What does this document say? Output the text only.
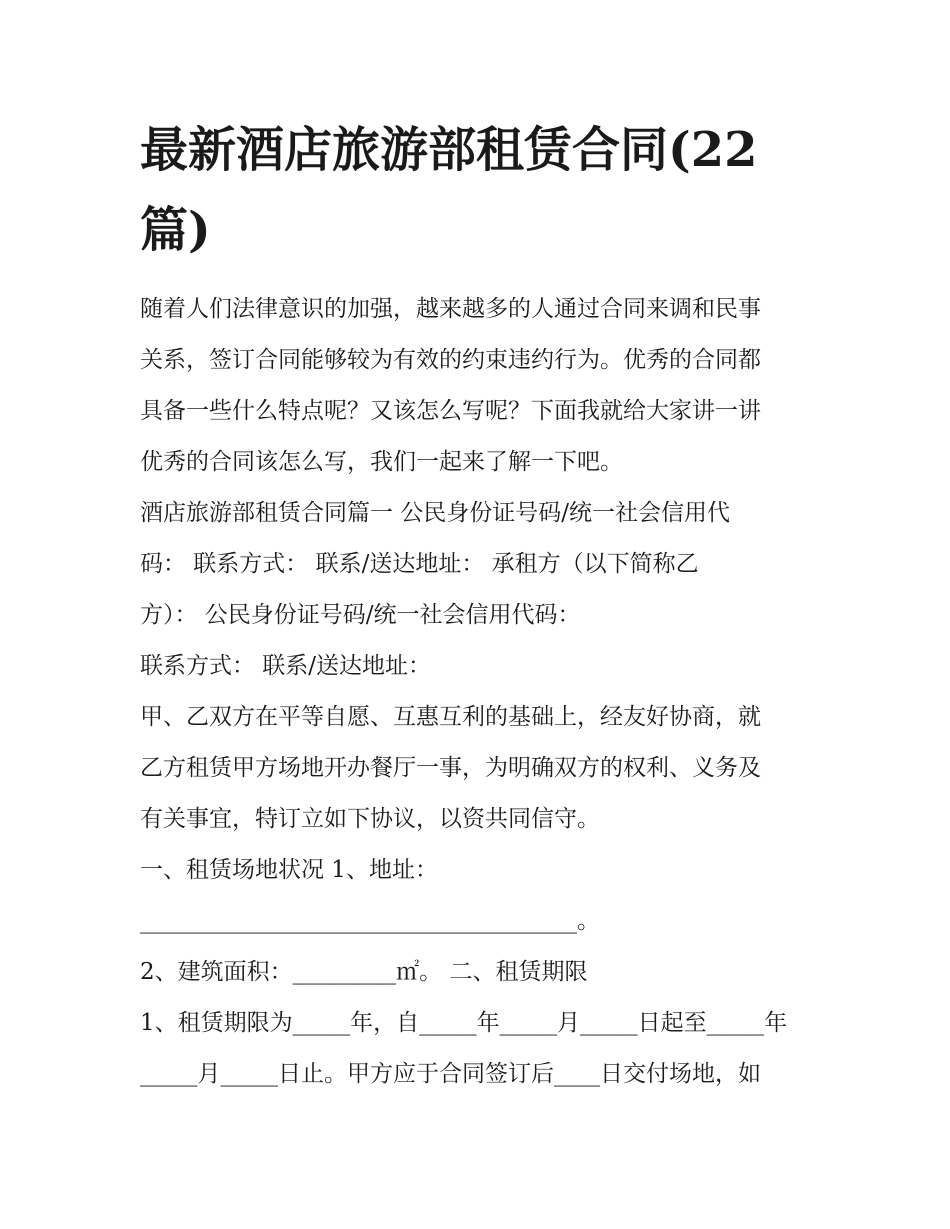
最新酒店旅游部租赁合同(22篇)

随着人们法律意识的加强，越来越多的人通过合同来调和民事

关系，签订合同能够较为有效的约束违约行为。优秀的合同都

具备一些什么特点呢？又该怎么写呢？下面我就给大家讲一讲

优秀的合同该怎么写，我们一起来了解一下吧。

酒店旅游部租赁合同篇一 公民身份证号码/统一社会信用代

码： 联系方式： 联系/送达地址： 承租方（以下简称乙

方）： 公民身份证号码/统一社会信用代码：

联系方式： 联系/送达地址：

甲、乙双方在平等自愿、互惠互利的基础上，经友好协商，就

乙方租赁甲方场地开办餐厅一事，为明确双方的权利、义务及

有关事宜，特订立如下协议，以资共同信守。

一、租赁场地状况 1、地址：

______________________________________。

2、建筑面积：_________㎡。 二、租赁期限

1、租赁期限为_____年，自_____年_____月_____日起至_____年

_____月_____日止。甲方应于合同签订后____日交付场地，如
